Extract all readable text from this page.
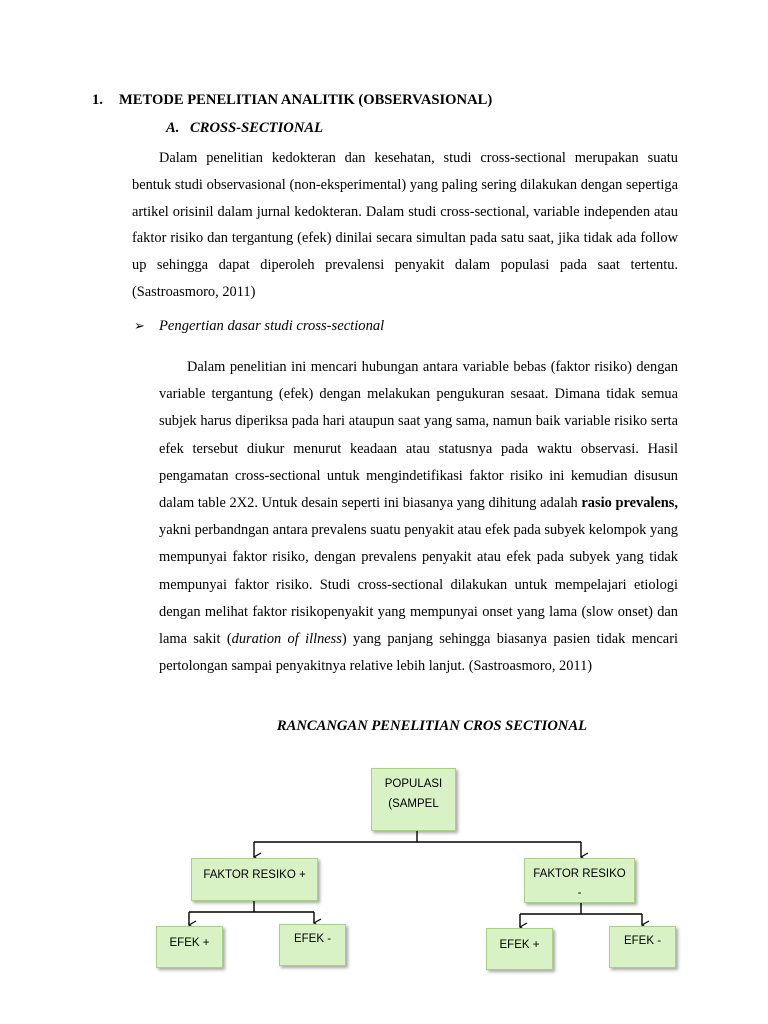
1. METODE PENELITIAN ANALITIK (OBSERVASIONAL)
A. CROSS-SECTIONAL

Dalam penelitian kedokteran dan kesehatan, studi cross-sectional merupakan suatu bentuk studi observasional (non-eksperimental) yang paling sering dilakukan dengan sepertiga artikel orisinil dalam jurnal kedokteran. Dalam studi cross-sectional, variable independen atau faktor risiko dan tergantung (efek) dinilai secara simultan pada satu saat, jika tidak ada follow up sehingga dapat diperoleh prevalensi penyakit dalam populasi pada saat tertentu. (Sastroasmoro, 2011)

➢ Pengertian dasar studi cross-sectional

Dalam penelitian ini mencari hubungan antara variable bebas (faktor risiko) dengan variable tergantung (efek) dengan melakukan pengukuran sesaat. Dimana tidak semua subjek harus diperiksa pada hari ataupun saat yang sama, namun baik variable risiko serta efek tersebut diukur menurut keadaan atau statusnya pada waktu observasi. Hasil pengamatan cross-sectional untuk mengindetifikasi faktor risiko ini kemudian disusun dalam table 2X2. Untuk desain seperti ini biasanya yang dihitung adalah rasio prevalens, yakni perbandngan antara prevalens suatu penyakit atau efek pada subyek kelompok yang mempunyai faktor risiko, dengan prevalens penyakit atau efek pada subyek yang tidak mempunyai faktor risiko. Studi cross-sectional dilakukan untuk mempelajari etiologi dengan melihat faktor risikopenyakit yang mempunyai onset yang lama (slow onset) dan lama sakit (duration of illness) yang panjang sehingga biasanya pasien tidak mencari pertolongan sampai penyakitnya relative lebih lanjut. (Sastroasmoro, 2011)

RANCANGAN PENELITIAN CROS SECTIONAL
POPULASI
(SAMPEL
FAKTOR RESIKO +	FAKTOR RESIKO
-
EFEK +	EFEK -	EFEK +	EFEK -
